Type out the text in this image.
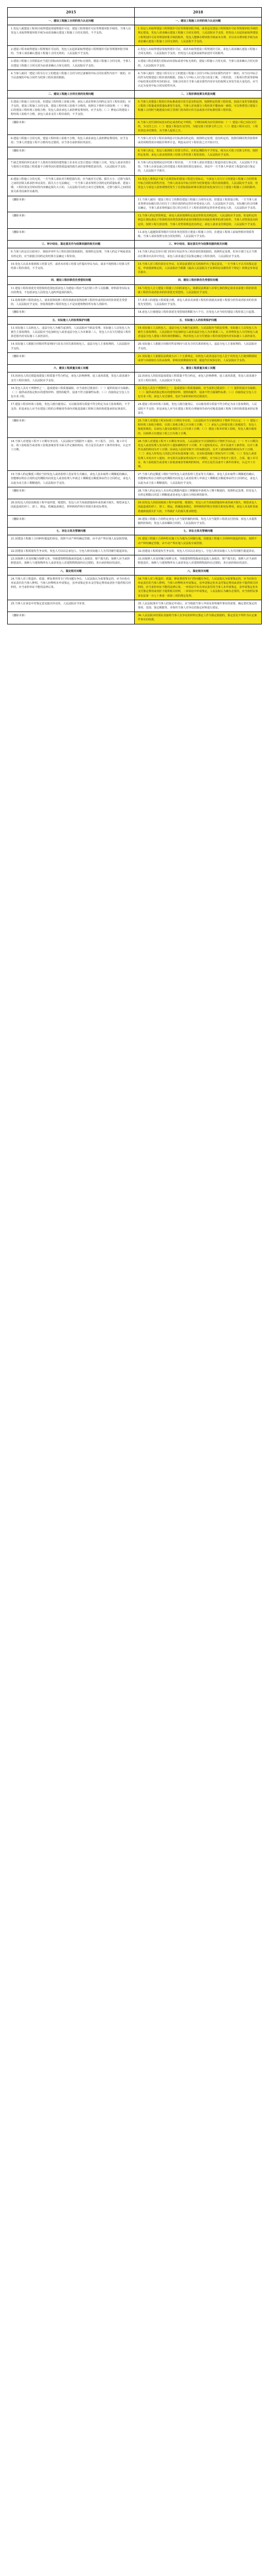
2015	2018
一、建设工程施工合同的效力认定问题	一、建设工程施工合同的效力认定问题
1.发包人就建设工程项目取得建设用地规划许可证、建设工程规划许可证等规划审批手续的，当事人以发包人未取得规划审批手续为由请求确认建设工程施工合同无效的，不予支持。	1.发包人未取得建设工程规划许可证等规划审批手续，或者违反建设工程规划许可证等规划审批手续的规定建设，发包人请求确认建设工程施工合同无效的，人民法院应予支持，但发包人在起诉前取得建设工程规划许可证等规划审批手续的除外。发包人能够办理审批手续而未办理，并以未办理审批手续为由请求确认建设工程施工合同无效的，人民法院不予支持。
2.建设工程未取得建设工程规划许可证的，发包人在起诉前取得建设工程规划许可证等规划审批手续的，当事人请求确认建设工程施工合同无效的，人民法院不予支持。	2.发包人未取得建设用地规划许可证，或者未取得建设工程规划许可证，承包人请求确认建设工程施工合同无效的，人民法院应予支持。但发包人在起诉前取得前述许可的除外。
3.建设工程施工合同依法应当进行招标而未招标的，或者中标无效的，建设工程施工合同无效。当事人以建设工程施工合同无效为由请求确认合同无效的，人民法院应予支持。	3.建设工程必须进行招标而未招标或者中标无效的，建设工程施工合同无效。当事人请求确认合同无效的，人民法院应予支持。
4.当事人就同一建设工程另行订立的建设工程施工合同与经过备案的中标合同实质性内容不一致的，应当以备案的中标合同作为结算工程价款的根据。	4.当事人就同一建设工程另行订立的建设工程施工合同与中标合同实质性内容不一致的，应当以中标合同作为结算建设工程价款的根据。招标人与中标人另行签订改变工期、工程价款、工程项目性质等影响中标结果实质性内容的协议，导致合同双方当事人就实质性内容享有的权利义务发生较大变化的，应当认定为变更中标合同实质性内容。
二、建设工程施工合同无效的处理问题	二、工程价款结算及利息问题
5.建设工程施工合同无效，但建设工程经竣工验收合格，承包人请求参照合同约定支付工程价款的，应予支持。建设工程施工合同无效，建设工程经竣工验收不合格的，按照以下情形分别处理：（一）修复后的建设工程经竣工验收合格，发包人请求承包人承担修复费用的，应予支持；（二）修复后的建设工程经竣工验收不合格，承包人请求支付工程价款的，不予支持。	5.当事人对建设工程的计价标准或者计价方法有约定的，按照约定结算工程价款。因设计变更导致建设工程的工程量或者质量标准发生变化，当事人对该部分工程价款不能协商一致的，可以参照签订建设工程施工合同时当地建设行政主管部门发布的计价方法或者计价标准结算工程价款。
（删除本条）	6.当事人对付款时间没有约定或者约定不明的，下列时间视为应付款时间：（一）建设工程已实际交付的，为交付之日；（二）建设工程没有交付的，为提交竣工结算文件之日；（三）建设工程未交付，工程价款也未结算的，为当事人起诉之日。
6.建设工程施工合同无效，建设工程经竣工验收不合格，发包人请求承包人承担修复费用的，应予支持；当事人对建设工程不合格均有过错的，应当各自承担相应的责任。	7.当事人对欠付工程价款利息计付标准有约定的，按照约定处理。没有约定的，按照同期同类贷款利率或者同期贷款市场报价利率计息。利息从应付工程价款之日开始计付。
（删除本条）	8.当事人约定，发包人收到竣工结算文件后，在约定期限内不予答复，视为认可竣工结算文件的，按照约定处理。承包人请求按照竣工结算文件结算工程价款的，人民法院应予支持。
7.缺乏资质的单位或者个人借用有资质的建筑施工企业名义签订建设工程施工合同，发包人请求出借方与借用方对建设工程质量不合格等因出借资质造成的损失承担连带赔偿责任的，人民法院应予支持。	9.当事人约定按照固定价结算工程价款，一方当事人请求对建设工程造价进行鉴定的，人民法院不予支持。当事人在诉讼前已经对建设工程价款结算达成协议，诉讼中一方当事人申请对工程造价进行鉴定的，人民法院不予准许。
8.建设工程施工合同无效，一方当事人请求对方赔偿损失的，应当就对方过错、损失大小、过错与损失之间的因果关系承担举证责任。损失大小无法确定，一方当事人请求参照合同约定的质量标准、建设工期、工程价款支付时间等内容确定损失大小的，人民法院可以结合双方过错程度、过错与损失之间的因果关系等因素作出裁判。	10.发包人将依法不属于必须招标的建设工程进行招标后，与承包人另行订立的建设工程施工合同背离中标合同的实质性内容，当事人请求以中标合同作为结算建设工程价款依据的，人民法院应予支持，但发包人与承包人因客观情况发生了在招标投标时难以预见的变化而另行订立建设工程施工合同的除外。
（删除本条）	11.当事人就同一建设工程订立的数份建设工程施工合同均无效，但建设工程质量合格，一方当事人请求参照实际履行的合同关于工程价款的约定折价补偿承包人的，人民法院应予支持。实际履行的合同难以确定，当事人请求参照最后签订的合同关于工程价款的约定折价补偿承包人的，人民法院应予支持。
（删除本条）	12.当事人约定垫资利息，承包人请求按照约定返还垫资及其利息的，人民法院应予支持，但是约定的利息计算标准高于垫资时的同类贷款利率或者同期贷款市场报价利率的部分除外。当事人对垫资没有约定的，按照工程欠款处理。当事人对垫资利息没有约定，承包人请求支付利息的，人民法院不予支持。
（删除本条）	13.承包人超越资质等级许可的业务范围签订建设工程施工合同，在建设工程竣工前取得相应资质等级，当事人请求按照无效合同处理的，人民法院不予支持。
三、审计结论、鉴定意见作为结算依据的相关问题	三、审计结论、鉴定意见作为结算依据的相关问题
9.当事人约定以行政审计、财政评审作为工程价款结算依据的，按照约定处理。当事人约定不明或者没有约定的，应当依据合同约定的结算方法确定工程价款。	14.当事人约定以审计部门的审计结论作为工程价款结算依据的，按照约定处理。但审计部门无正当理由长期未出具审计结论，承包人请求通过司法鉴定确定工程价款的，人民法院应予支持。
10.发包人以其未收到竣工结算文件，或者未对竣工结算文件提出异议为由，请求不按照竣工结算文件结算工程价款的，不予支持。	15.当事人对工程价款存在争议，在诉讼前委托有关机构作出了鉴定意见，一方当事人不认可该鉴定意见，申请重新鉴定的，人民法院应当根据《最高人民法院关于民事诉讼证据的若干规定》的规定审查是否准许。
四、建设工程价款优先受偿权问题	四、建设工程价款优先受偿权问题
11.建设工程价款优先受偿权的范围包括承包人为建设工程应当支付的工作人员报酬、材料款等实际支出的费用，不包括承包人因发包人违约所造成的损失。	16.与发包人订立建设工程施工合同的承包人，依据民法典第八百零七条的规定请求其承建工程的价款就工程折价或者拍卖的价款优先受偿的，人民法院应予支持。
12.装饰装修工程的承包人，请求装饰装修工程价款就该装饰装修工程折价或者拍卖的价款优先受偿的，人民法院应予支持，但装饰装修工程的发包人不是该建筑物的所有权人的除外。	17.未竣工的建设工程质量合格，承包人请求其承建工程的价款就其承建工程部分折价或者拍卖的价款优先受偿的，人民法院应予支持。
（删除本条）	18.承包人行使建设工程价款优先受偿权的期限为六个月，自发包人应当给付建设工程价款之日起算。
五、实际施工人的权利保护问题	五、实际施工人的权利保护问题
13.实际施工人以转包人、违法分包人为被告起诉的，人民法院应当依法受理。实际施工人以发包人为被告主张权利的，人民法院应当追加转包人或者违法分包人为本案第三人，发包人只在欠付建设工程价款范围内对实际施工人承担责任。	19.实际施工人以转包人、违法分包人为被告起诉的，人民法院应当依法受理。实际施工人以发包人为被告主张权利的，人民法院应当追加转包人或者违法分包人为本案第三人，在查明发包人欠付转包人或者违法分包人建设工程价款的数额后，判决发包人在欠付建设工程价款范围内对实际施工人承担责任。
14.实际施工人根据合同相对性原则向与其有合同关系的转包人、违法分包人主张权利的，人民法院应予支持。	20.实际施工人根据合同相对性原则向与其有合同关系的转包人、违法分包人主张权利的，人民法院应予支持。
（删除本条）	21.实际施工人依据民法典第五百三十五条规定，以转包人或者违法分包人怠于向发包人行使到期债权或者与该债权有关的从权利，影响其到期债权实现，提起代位权诉讼的，人民法院应予支持。
六、建设工程质量及竣工问题	六、建设工程质量及竣工问题
15.因承包人的过错造成建设工程质量不符合约定，承包人拒绝修理、返工或者改建，发包人请求减少支付工程价款的，人民法院应予支持。	22.因承包人的原因造成建设工程质量不符合约定，承包人拒绝修理、返工或者改建，发包人请求减少支付工程价款的，人民法院应予支持。
16.发包人具有下列情形之一，造成建设工程质量缺陷，应当承担过错责任：（一）提供的设计有缺陷；（二）提供或者指定购买的建筑材料、建筑构配件、设备不符合强制性标准；（三）直接指定分包人分包专业工程。	23.发包人具有下列情形之一，造成建设工程质量缺陷，应当承担过错责任：（一）提供的设计有缺陷；（二）提供或者指定购买的建筑材料、建筑构配件、设备不符合强制性标准；（三）直接指定分包人分包专业工程。承包人有过错的，也应当承担相应的过错责任。
17.建设工程未经竣工验收，发包人擅自使用后，又以使用部分质量不符合约定为由主张权利的，不予支持；但是承包人应当在建设工程的合理使用寿命内对地基基础工程和主体结构质量承担民事责任。	24.建设工程未经竣工验收，发包人擅自使用后，又以使用部分质量不符合约定为由主张权利的，人民法院不予支持；但是承包人应当在建设工程的合理使用寿命内对地基基础工程和主体结构质量承担民事责任。
（删除本条）	25.当事人对建设工程实际竣工日期有争议的，人民法院应当分别按照以下情形予以认定：（一）建设工程经竣工验收合格的，以竣工验收合格之日为竣工日期；（二）承包人已经提交竣工验收报告，发包人拖延验收的，以承包人提交验收报告之日为竣工日期；（三）建设工程未经竣工验收，发包人擅自使用的，以转移占有建设工程之日为竣工日期。
18.当事人对建设工程开工日期有争议的，人民法院应当根据开工通知、开工报告、合同、施工许可证、竣工验收报告或者竣工验收备案表等书面文件记载的时间，结合是否具备开工条件的事实，认定开工日期。	26.当事人对建设工程开工日期有争议的，人民法院应当分别按照以下情形予以认定：（一）开工日期为发包人或者监理人发出的开工通知载明的开工日期；开工通知发出后，尚不具备开工条件的，以开工条件具备的时间为开工日期；因承包人原因导致开工时间推迟的，以开工通知载明的时间为开工日期。（二）承包人经发包人同意已经实际进场施工的，以实际进场施工时间为开工日期。（三）发包人或者监理人未发出开工通知，亦无相关证据证明实际开工日期的，应当综合考虑开工报告、合同、施工许可证、竣工验收报告或者竣工验收备案表等载明的时间，并结合是否具备开工条件的事实，认定开工日期。
19.当事人约定顺延工期应当经发包人或者监理人签证等方式确认，承包人虽未取得工期顺延的确认，但能够证明在合同约定的期限内向发包人或者监理人申请过工期顺延且顺延事由符合合同约定，承包人以此为由主张工期顺延的，人民法院应予支持。	27.当事人约定顺延工期应当经发包人或者监理人签证等方式确认，承包人虽未取得工期顺延的确认，但能够证明在合同约定的期限内向发包人或者监理人申请过工期顺延且顺延事由符合合同约定，承包人以此为由主张工期顺延的，人民法院应予支持。
（删除本条）	28.当事人约定承包人未在约定期限内提出工期顺延申请视为工期不顺延的，按照约定处理，但发包人在约定期限后同意工期顺延或者承包人提出合理抗辩的除外。
20.因发包人的原因致使工程中途停建、缓建的，发包人应当采取措施弥补或者减少损失，赔偿承包人因此造成的停工、窝工、倒运、机械设备调迁、材料和构件积压等损失和实际费用。	29.因发包人的原因致使工程中途停建、缓建的，发包人应当采取措施弥补或者减少损失，赔偿承包人因此造成的停工、窝工、倒运、机械设备调迁、材料和构件积压等损失和实际费用。承包人未及时采取措施致使损失扩大的，不得就扩大的损失要求赔偿。
（删除本条）	30.建设工程施工合同约定承包人应当提供履约担保，发包人应当提供工程款支付担保，承包人未提供履约担保的，发包人请求解除合同的，人民法院应予支持。
七、诉讼主体及管辖问题	七、诉讼主体及管辖问题
21.因建设工程施工合同纠纷提起的诉讼，按照不动产纠纷确定管辖，由不动产所在地人民法院管辖。	31.建设工程施工合同纠纷以施工行为地为合同履行地。因建设工程施工合同纠纷提起的诉讼，按照不动产纠纷确定管辖，由不动产所在地人民法院专属管辖。
22.因建设工程质量发生争议的，发包人可以以总承包人、分包人和实际施工人为共同被告提起诉讼。	32.因建设工程质量发生争议的，发包人可以以总承包人、分包人和实际施工人为共同被告提起诉讼。
23.因保修人未及时履行保修义务，导致建筑物毁损或者造成人身损害、财产损失的，保修人应当承担赔偿责任。保修人与建筑物所有人或者发包人对建筑物毁损均有过错的，各自承担相应的责任。	33.因保修人未及时履行保修义务，导致建筑物毁损或者造成人身损害、财产损失的，保修人应当承担赔偿责任。保修人与建筑物所有人或者发包人对建筑物毁损均有过错的，各自承担相应的责任。
八、鉴定相关问题	八、鉴定相关问题
24.当事人对工程造价、质量、修复费用等专门性问题有争议，人民法院认为需要鉴定的，应当向负有举证责任的当事人释明。当事人经释明未申请鉴定，虽申请鉴定但未支付鉴定费用或者拒不提供相关材料的，应当承担举证不能的法律后果。	34.当事人对工程造价、质量、修复费用等专门性问题有争议，人民法院认为需要鉴定的，应当向负有举证责任的当事人释明。当事人经释明未申请鉴定，虽申请鉴定但未支付鉴定费用或者拒不提供相关材料的，应当承担举证不能的法律后果。一审诉讼中负有举证责任的当事人未申请鉴定，虽申请鉴定但未支付鉴定费用或者拒不提供相关材料，二审诉讼中申请鉴定，人民法院认为确有必要的，应当依照民事诉讼法第一百七十条第一款第三项的规定处理。
25.当事人在诉讼中对鉴定意见提出异议的，人民法院应当审查。	35.人民法院准许当事人的鉴定申请后，应当根据当事人申请及查明案件事实的需要，确定委托鉴定的事项、范围、鉴定期限等，并组织当事人对争议的鉴定材料进行质证。
（删除本条）	36.人民法院未经质证直接将当事人有争议的材料交鉴定人作为鉴定依据的，鉴定意见不得作为认定案件事实的依据。
